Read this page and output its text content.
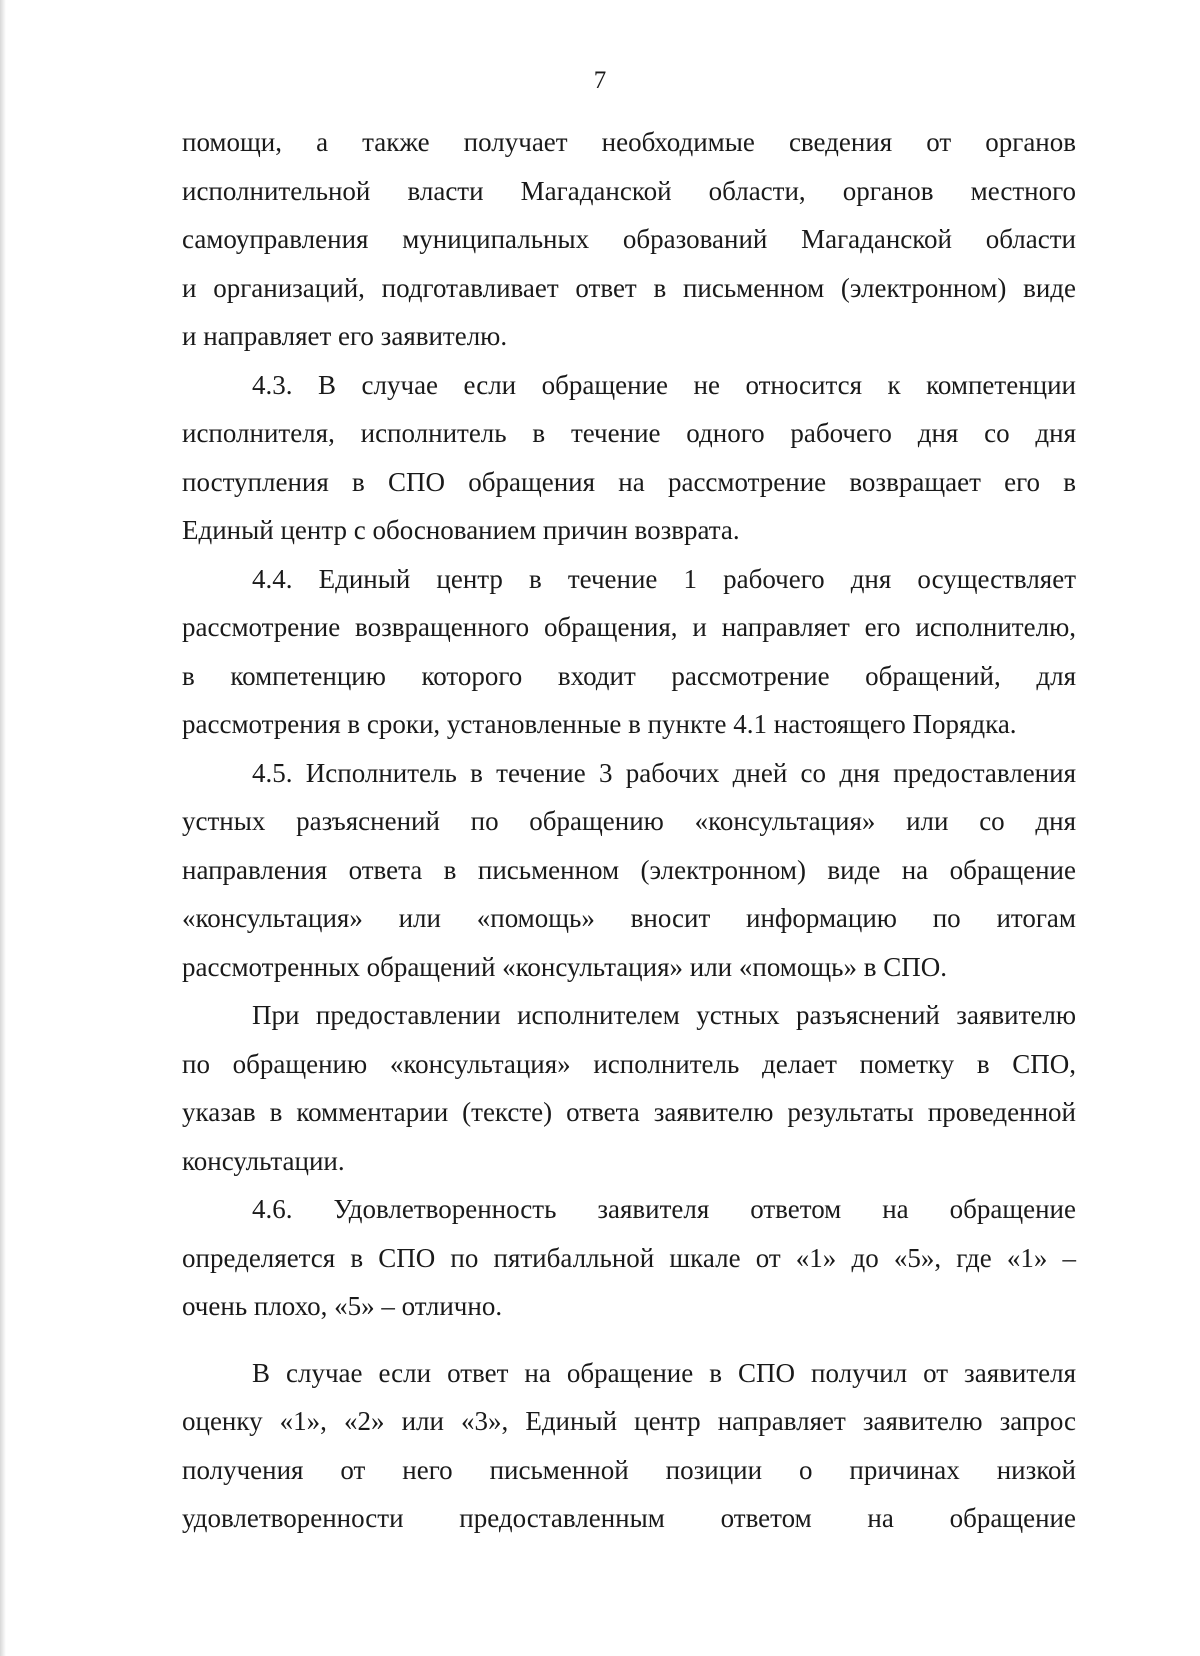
7
помощи, а также получает необходимые сведения от органов
исполнительной власти Магаданской области, органов местного
самоуправления муниципальных образований Магаданской области
и организаций, подготавливает ответ в письменном (электронном) виде
и направляет его заявителю.
4.3. В случае если обращение не относится к компетенции
исполнителя, исполнитель в течение одного рабочего дня со дня
поступления в СПО обращения на рассмотрение возвращает его в
Единый центр с обоснованием причин возврата.
4.4. Единый центр в течение 1 рабочего дня осуществляет
рассмотрение возвращенного обращения, и направляет его исполнителю,
в компетенцию которого входит рассмотрение обращений, для
рассмотрения в сроки, установленные в пункте 4.1 настоящего Порядка.
4.5. Исполнитель в течение 3 рабочих дней со дня предоставления
устных разъяснений по обращению «консультация» или со дня
направления ответа в письменном (электронном) виде на обращение
«консультация» или «помощь» вносит информацию по итогам
рассмотренных обращений «консультация» или «помощь» в СПО.
При предоставлении исполнителем устных разъяснений заявителю
по обращению «консультация» исполнитель делает пометку в СПО,
указав в комментарии (тексте) ответа заявителю результаты проведенной
консультации.
4.6. Удовлетворенность заявителя ответом на обращение
определяется в СПО по пятибалльной шкале от «1» до «5», где «1» –
очень плохо, «5» – отлично.
В случае если ответ на обращение в СПО получил от заявителя
оценку «1», «2» или «3», Единый центр направляет заявителю запрос
получения от него письменной позиции о причинах низкой
удовлетворенности предоставленным ответом на обращение
